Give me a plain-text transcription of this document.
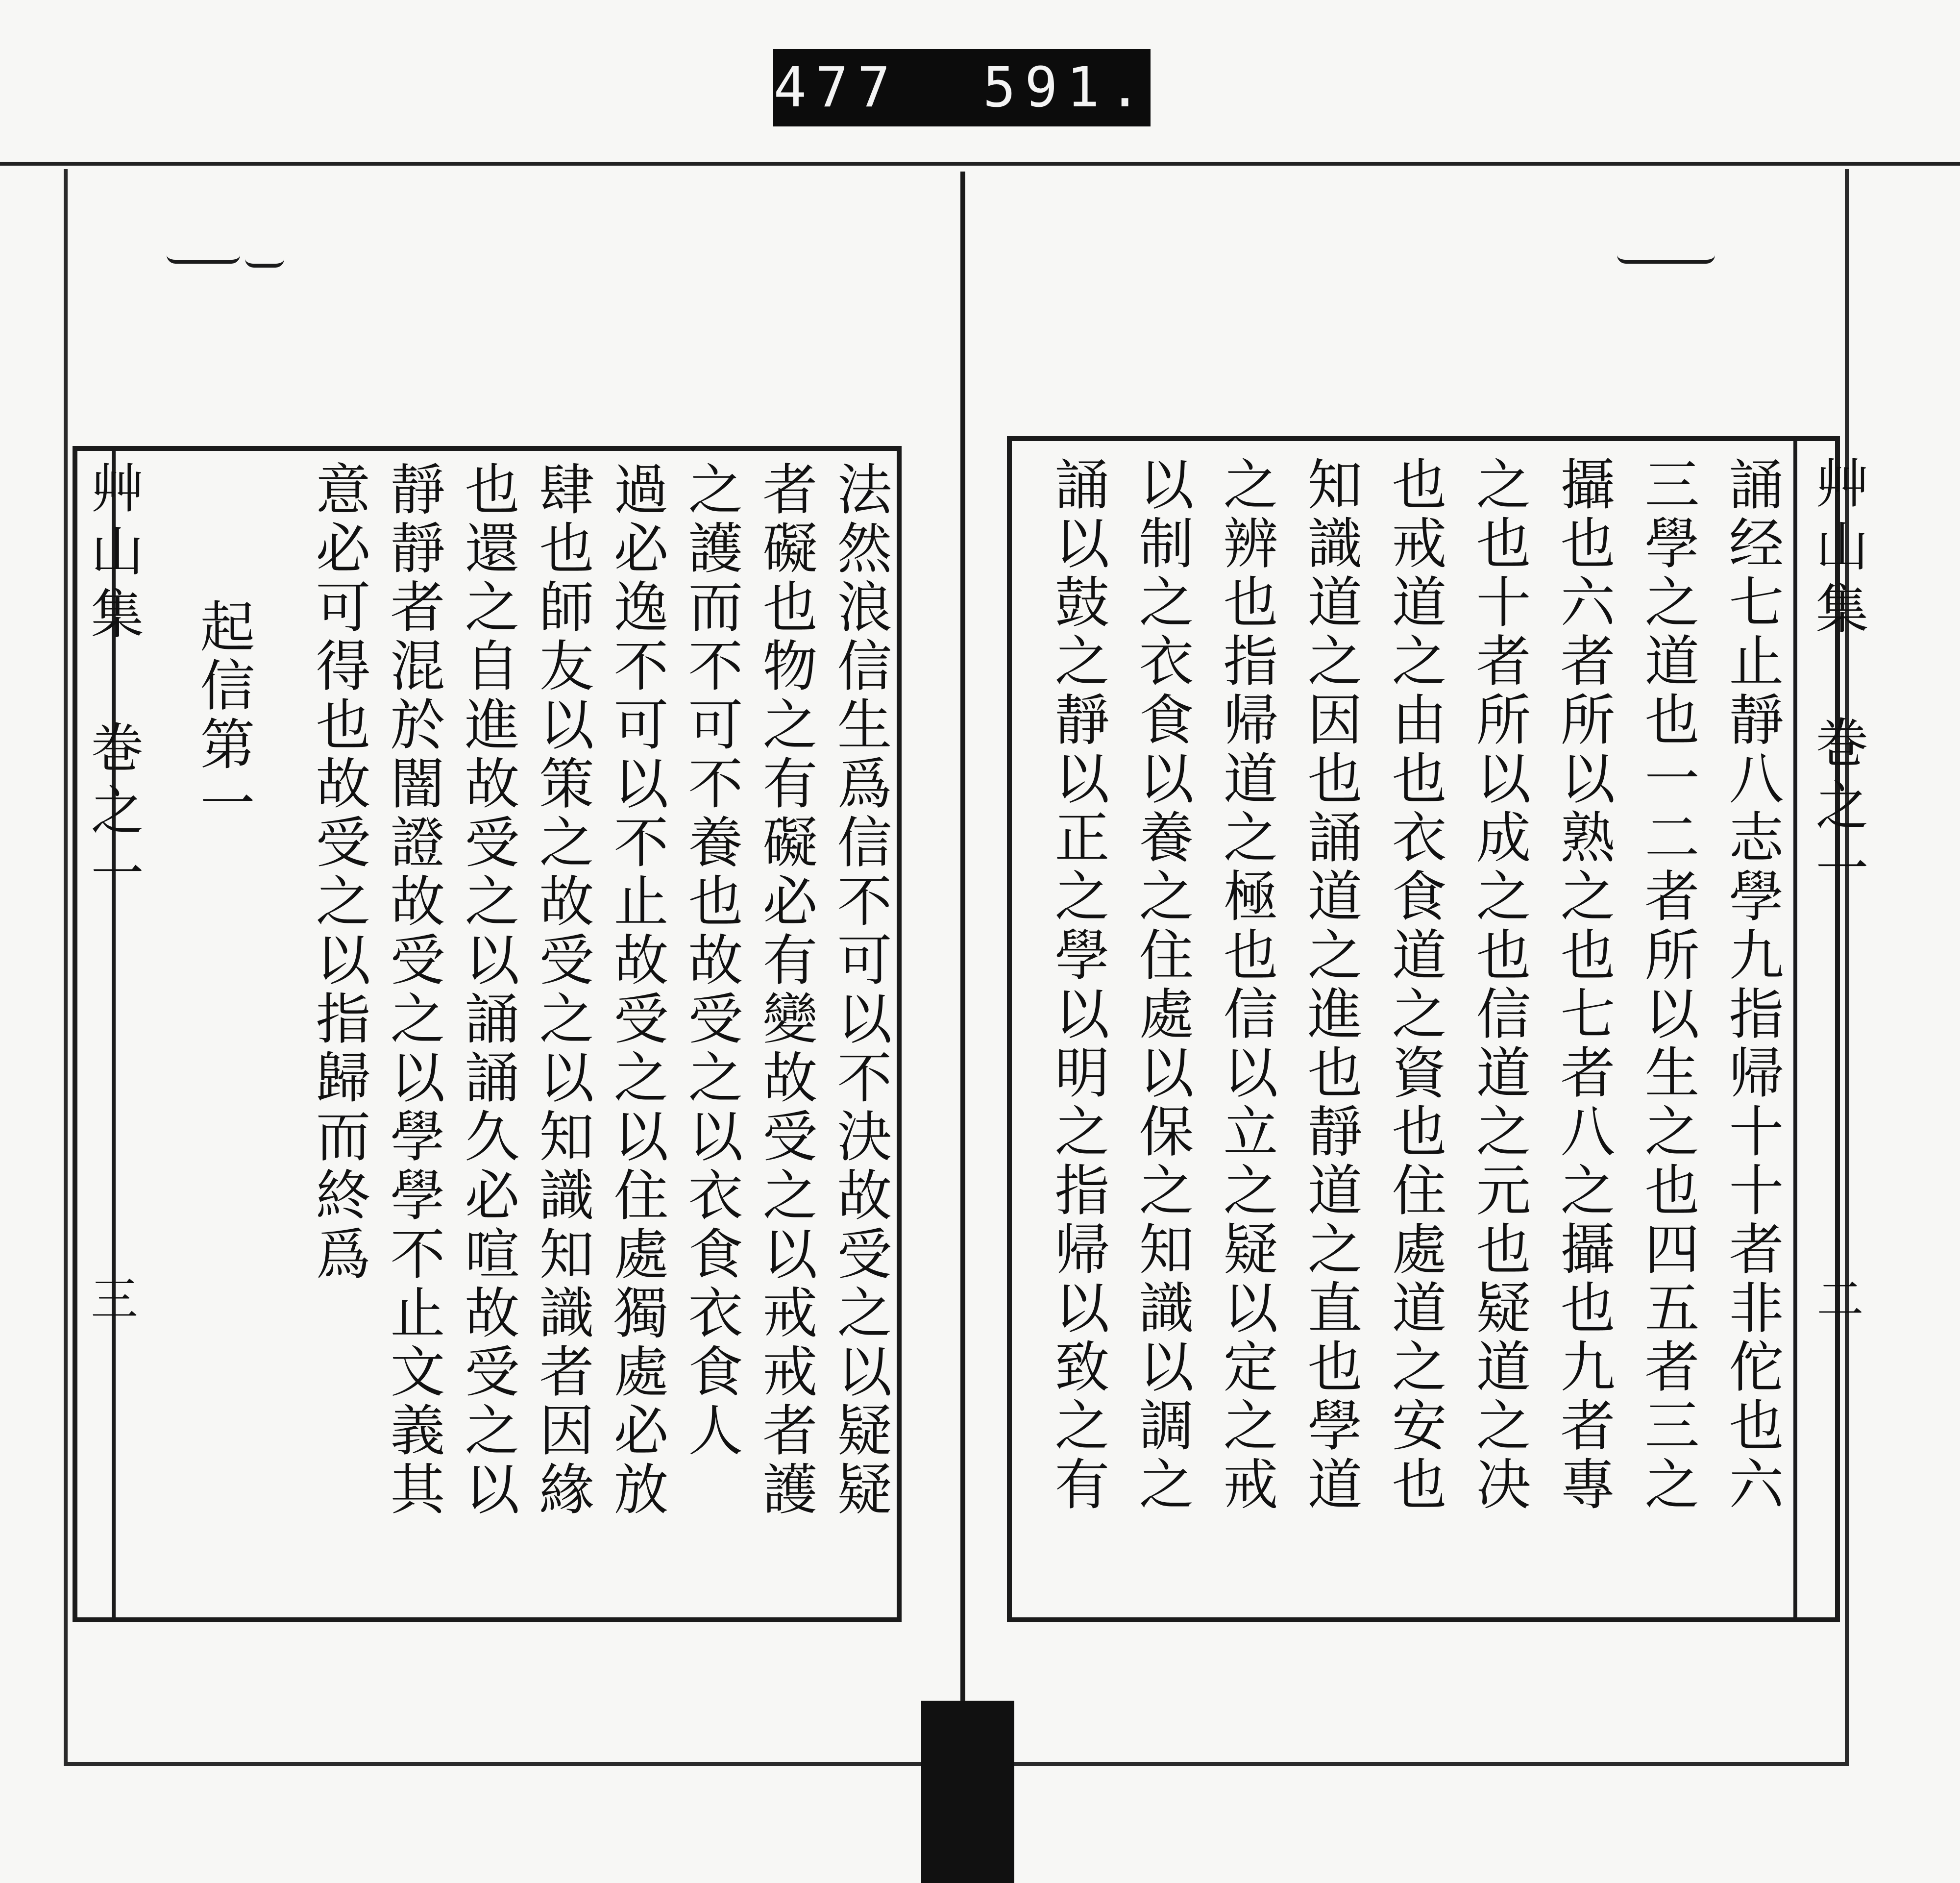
477  591.
艸山集 巻之一
三	法然浪信生爲信不可以不決故受之以疑疑
者礙也物之有礙必有變故受之以戒戒者護
之護而不可不養也故受之以衣食衣食人
過必逸不可以不止故受之以住處獨處必放
肆也師友以策之故受之以知識知識者因緣
也還之自進故受之以誦誦久必喧故受之以
靜靜者混於闇證故受之以學學不止文義其
意必可得也故受之以指歸而終爲
起信第一	艸山集 巻之一
二
誦经七止靜八志學九指帰十十者非佗也六
三學之道也一二者所以生之也四五者三之
攝也六者所以熟之也七者八之攝也九者專
之也十者所以成之也信道之元也疑道之决
也戒道之由也衣食道之資也住處道之安也
知識道之因也誦道之進也靜道之直也學道
之辨也指帰道之極也信以立之疑以定之戒
以制之衣食以養之住處以保之知識以調之
誦以鼓之靜以正之學以明之指帰以致之有
